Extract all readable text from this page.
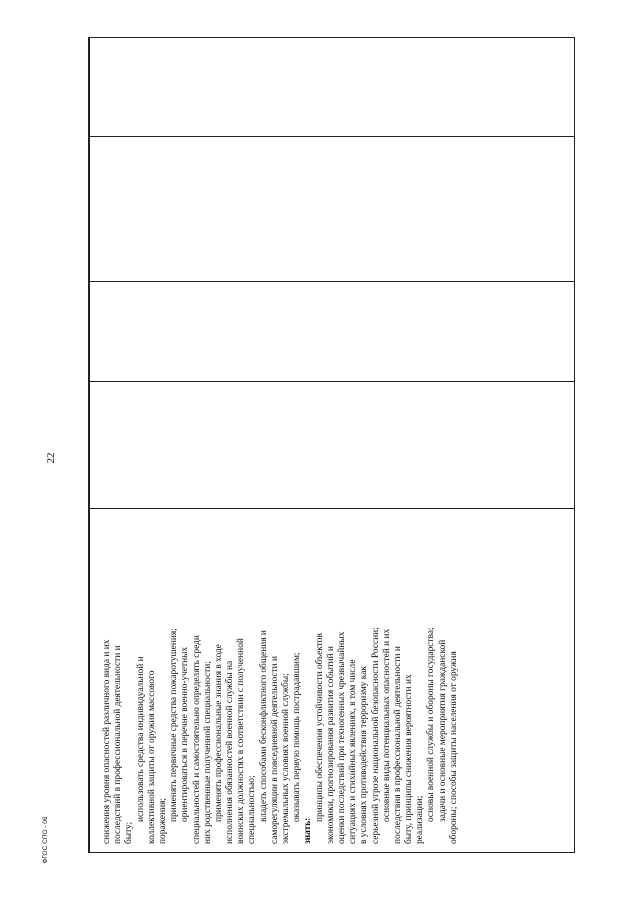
22
ФГОС СПО - 06	снижения уровня опасностей различного вида и их последствий в профессиональной деятельности и быту;
использовать средства индивидуальной и коллективной защиты от оружия массового поражения; применять первичные средства пожаротушения; ориентироваться в перечне военно-учетных специальностей и самостоятельно определять среди них родственные полученной специальности; применять профессиональные знания в ходе исполнения обязанностей военной службы на воинских должностях в соответствии с полученной специальностью; владеть способами бесконфликтного общения и саморегуляции в повседневной деятельности и экстремальных условиях военной службы; оказывать первую помощь пострадавшим;
знать:
принципы обеспечения устойчивости объектов экономики, прогнозирования развития событий и оценки последствий при техногенных чрезвычайных ситуациях и стихийных явлениях, в том числе в условиях противодействия терроризму как серьезной угрозе национальной безопасности России; основные виды потенциальных опасностей и их последствия в профессиональной деятельности и быту, принципы снижения вероятности их реализации; основы военной службы и обороны государства; задачи и основные мероприятия гражданской обороны; способы защиты населения от оружия
